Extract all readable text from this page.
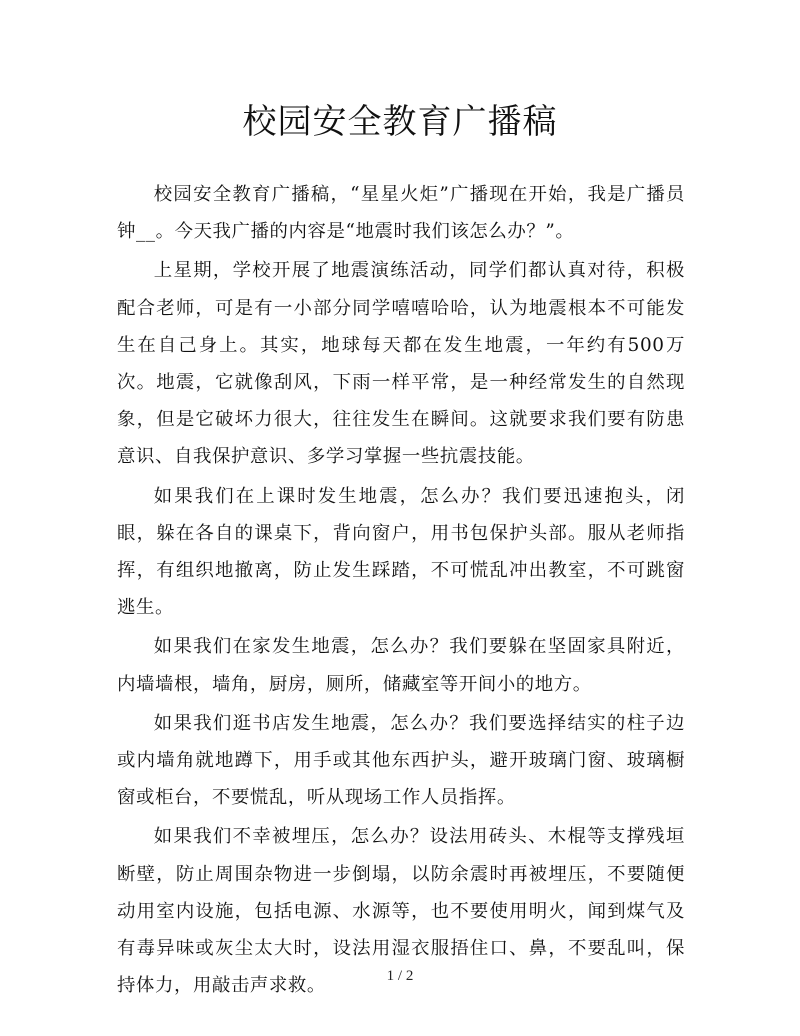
校园安全教育广播稿

校园安全教育广播稿，“星星火炬”广播现在开始，我是广播员钟__。今天我广播的内容是“地震时我们该怎么办？”。

上星期，学校开展了地震演练活动，同学们都认真对待，积极配合老师，可是有一小部分同学嘻嘻哈哈，认为地震根本不可能发生在自己身上。其实，地球每天都在发生地震，一年约有500万次。地震，它就像刮风，下雨一样平常，是一种经常发生的自然现象，但是它破坏力很大，往往发生在瞬间。这就要求我们要有防患意识、自我保护意识、多学习掌握一些抗震技能。

如果我们在上课时发生地震，怎么办？我们要迅速抱头，闭眼，躲在各自的课桌下，背向窗户，用书包保护头部。服从老师指挥，有组织地撤离，防止发生踩踏，不可慌乱冲出教室，不可跳窗逃生。

如果我们在家发生地震，怎么办？我们要躲在坚固家具附近，内墙墙根，墙角，厨房，厕所，储藏室等开间小的地方。

如果我们逛书店发生地震，怎么办？我们要选择结实的柱子边或内墙角就地蹲下，用手或其他东西护头，避开玻璃门窗、玻璃橱窗或柜台，不要慌乱，听从现场工作人员指挥。

如果我们不幸被埋压，怎么办？设法用砖头、木棍等支撑残垣断壁，防止周围杂物进一步倒塌，以防余震时再被埋压，不要随便动用室内设施，包括电源、水源等，也不要使用明火，闻到煤气及有毒异味或灰尘太大时，设法用湿衣服捂住口、鼻，不要乱叫，保持体力，用敲击声求救。	1 / 2
